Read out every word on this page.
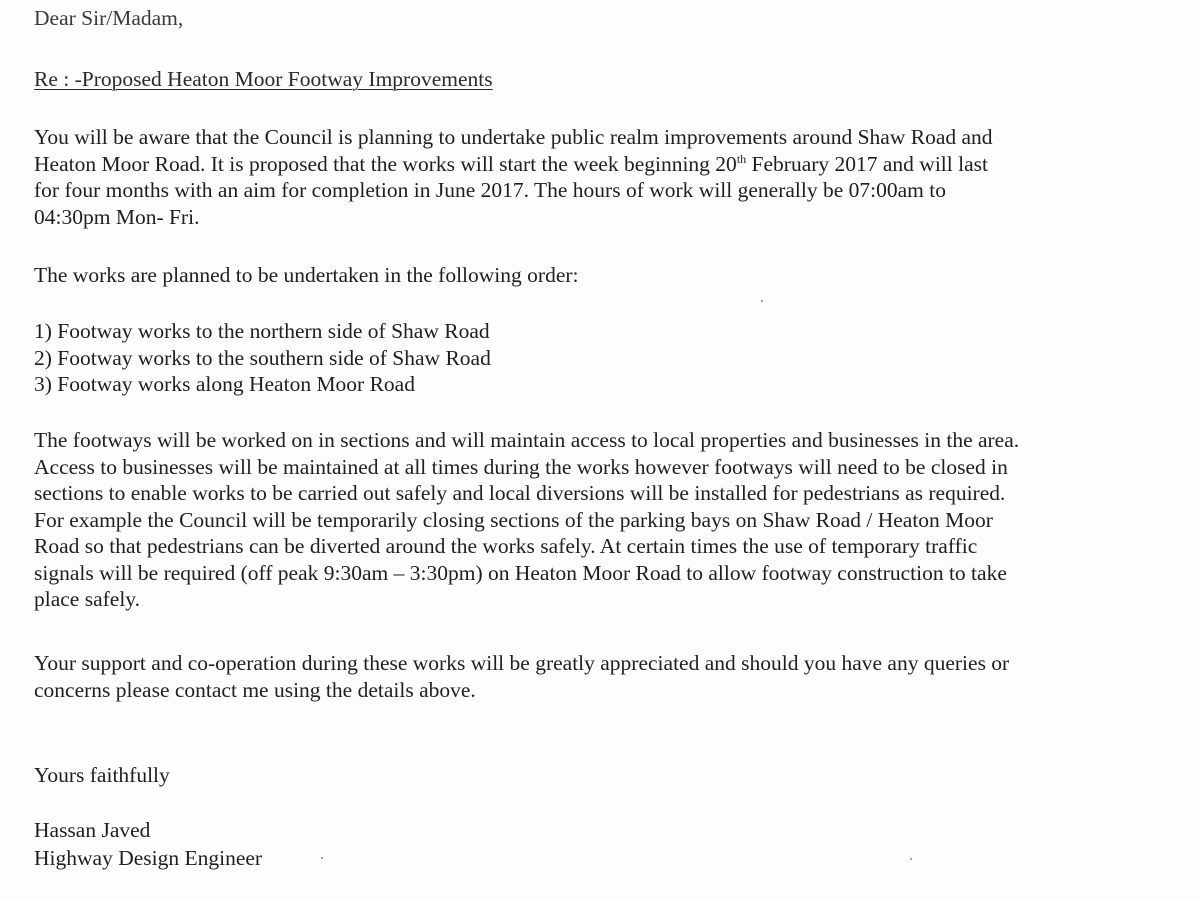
Dear Sir/Madam,
Re : -Proposed Heaton Moor Footway Improvements

You will be aware that the Council is planning to undertake public realm improvements around Shaw Road and
Heaton Moor Road. It is proposed that the works will start the week beginning 20th February 2017 and will last
for four months with an aim for completion in June 2017. The hours of work will generally be 07:00am to
04:30pm Mon- Fri.

The works are planned to be undertaken in the following order:

1) Footway works to the northern side of Shaw Road
2) Footway works to the southern side of Shaw Road
3) Footway works along Heaton Moor Road

The footways will be worked on in sections and will maintain access to local properties and businesses in the area.
Access to businesses will be maintained at all times during the works however footways will need to be closed in
sections to enable works to be carried out safely and local diversions will be installed for pedestrians as required.
For example the Council will be temporarily closing sections of the parking bays on Shaw Road / Heaton Moor
Road so that pedestrians can be diverted around the works safely. At certain times the use of temporary traffic
signals will be required (off peak 9:30am – 3:30pm) on Heaton Moor Road to allow footway construction to take
place safely.

Your support and co-operation during these works will be greatly appreciated and should you have any queries or
concerns please contact me using the details above.

Yours faithfully
Hassan Javed
Highway Design Engineer
